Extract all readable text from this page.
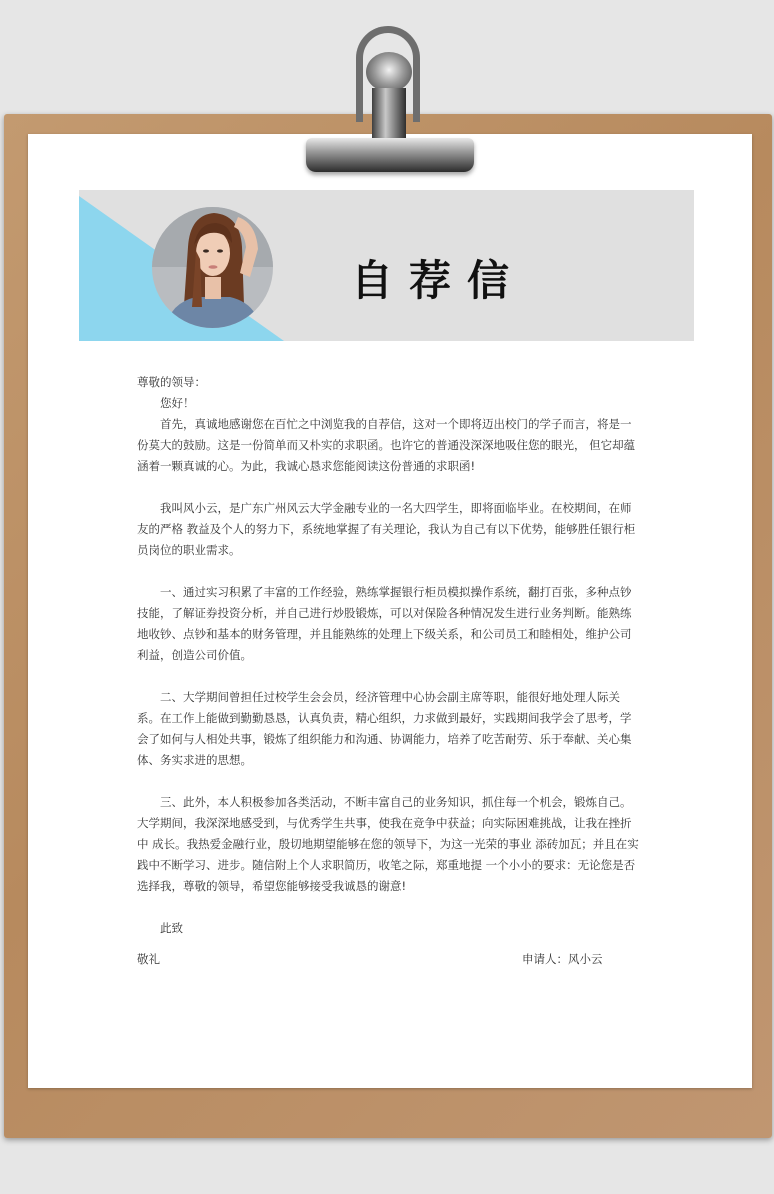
自荐信

尊敬的领导：

您好！

首先，真诚地感谢您在百忙之中浏览我的自荐信，这对一个即将迈出校门的学子而言，将是一份莫大的鼓励。这是一份简单而又朴实的求职函。也许它的普通没深深地吸住您的眼光， 但它却蕴涵着一颗真诚的心。为此，我诚心恳求您能阅读这份普通的求职函!

我叫风小云，是广东广州风云大学金融专业的一名大四学生，即将面临毕业。在校期间，在师友的严格 教益及个人的努力下，系统地掌握了有关理论，我认为自己有以下优势，能够胜任银行柜员岗位的职业需求。

一、通过实习积累了丰富的工作经验，熟练掌握银行柜员模拟操作系统，翻打百张，多种点钞技能，了解证券投资分析，并自己进行炒股锻炼，可以对保险各种情况发生进行业务判断。能熟练地收钞、点钞和基本的财务管理，并且能熟练的处理上下级关系，和公司员工和睦相处，维护公司利益，创造公司价值。

二、大学期间曾担任过校学生会会员，经济管理中心协会副主席等职，能很好地处理人际关系。在工作上能做到勤勤恳恳，认真负责，精心组织，力求做到最好，实践期间我学会了思考，学会了如何与人相处共事，锻炼了组织能力和沟通、协调能力，培养了吃苦耐劳、乐于奉献、关心集体、务实求进的思想。

三、此外，本人积极参加各类活动，不断丰富自己的业务知识，抓住每一个机会，锻炼自己。大学期间，我深深地感受到，与优秀学生共事，使我在竞争中获益；向实际困难挑战，让我在挫折中 成长。我热爱金融行业，殷切地期望能够在您的领导下，为这一光荣的事业 添砖加瓦；并且在实践中不断学习、进步。随信附上个人求职简历，收笔之际，郑重地提 一个小小的要求：无论您是否选择我，尊敬的领导，希望您能够接受我诚恳的谢意!

此致

敬礼	申请人：风小云
